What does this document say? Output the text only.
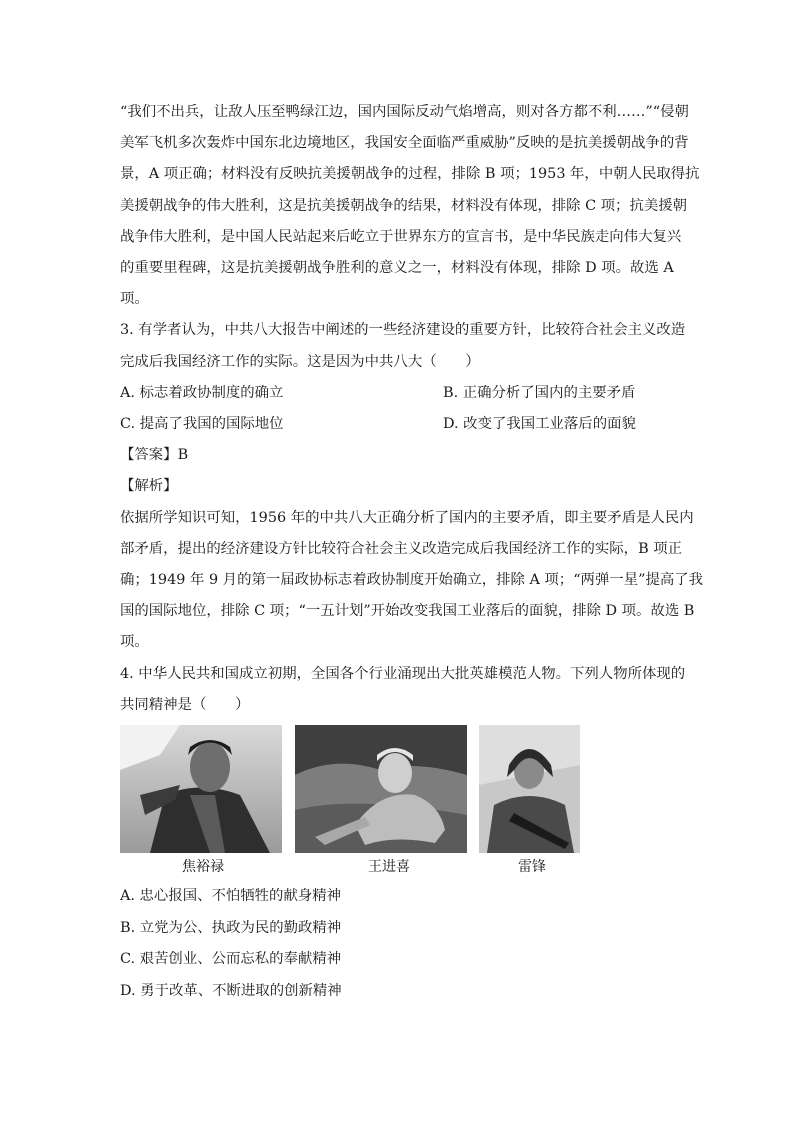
“我们不出兵，让敌人压至鸭绿江边，国内国际反动气焰增高，则对各方都不利……”“侵朝

美军飞机多次轰炸中国东北边境地区，我国安全面临严重威胁”反映的是抗美援朝战争的背

景，A 项正确；材料没有反映抗美援朝战争的过程，排除 B 项；1953 年，中朝人民取得抗

美援朝战争的伟大胜利，这是抗美援朝战争的结果，材料没有体现，排除 C 项；抗美援朝

战争伟大胜利，是中国人民站起来后屹立于世界东方的宣言书，是中华民族走向伟大复兴

的重要里程碑，这是抗美援朝战争胜利的意义之一，材料没有体现，排除 D 项。故选 A

项。

3. 有学者认为，中共八大报告中阐述的一些经济建设的重要方针，比较符合社会主义改造

完成后我国经济工作的实际。这是因为中共八大（　　）

A. 标志着政协制度的确立	B. 正确分析了国内的主要矛盾
C. 提高了我国的国际地位	D. 改变了我国工业落后的面貌

【答案】B

【解析】

依据所学知识可知，1956 年的中共八大正确分析了国内的主要矛盾，即主要矛盾是人民内

部矛盾，提出的经济建设方针比较符合社会主义改造完成后我国经济工作的实际，B 项正

确；1949 年 9 月的第一届政协标志着政协制度开始确立，排除 A 项；“两弹一星”提高了我

国的国际地位，排除 C 项；“一五计划”开始改变我国工业落后的面貌，排除 D 项。故选 B

项。

4. 中华人民共和国成立初期，全国各个行业涌现出大批英雄模范人物。下列人物所体现的

共同精神是（　　）

焦裕禄	王进喜	雷锋

A. 忠心报国、不怕牺牲的献身精神

B. 立党为公、执政为民的勤政精神

C. 艰苦创业、公而忘私的奉献精神

D. 勇于改革、不断进取的创新精神
